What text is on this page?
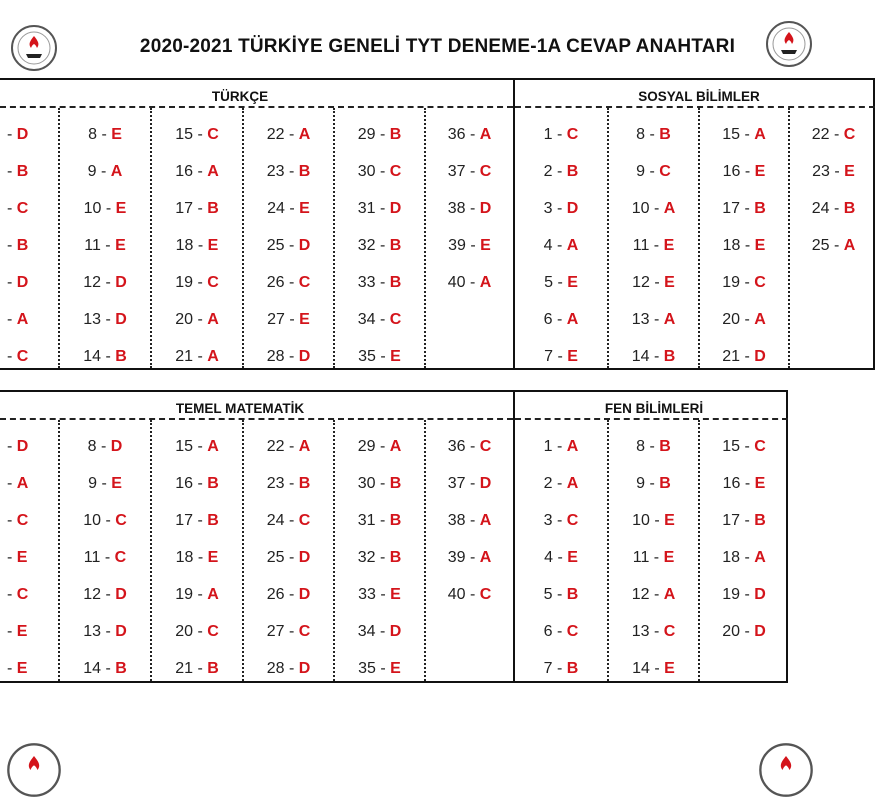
2020-2021 TÜRKİYE GENELİ TYT DENEME-1A CEVAP ANAHTARI
TÜRKÇE
- D
- B
- C
- B
- D
- A
- C
8 - E
9 - A
10 - E
11 - E
12 - D
13 - D
14 - B
15 - C
16 - A
17 - B
18 - E
19 - C
20 - A
21 - A
22 - A
23 - B
24 - E
25 - D
26 - C
27 - E
28 - D
29 - B
30 - C
31 - D
32 - B
33 - B
34 - C
35 - E
36 - A
37 - C
38 - D
39 - E
40 - A
SOSYAL BİLİMLER
1 - C
2 - B
3 - D
4 - A
5 - E
6 - A
7 - E
8 - B
9 - C
10 - A
11 - E
12 - E
13 - A
14 - B
15 - A
16 - E
17 - B
18 - E
19 - C
20 - A
21 - D
22 - C
23 - E
24 - B
25 - A
TEMEL MATEMATİK
- D
- A
- C
- E
- C
- E
- E
8 - D
9 - E
10 - C
11 - C
12 - D
13 - D
14 - B
15 - A
16 - B
17 - B
18 - E
19 - A
20 - C
21 - B
22 - A
23 - B
24 - C
25 - D
26 - D
27 - C
28 - D
29 - A
30 - B
31 - B
32 - B
33 - E
34 - D
35 - E
36 - C
37 - D
38 - A
39 - A
40 - C
FEN BİLİMLERİ
1 - A
2 - A
3 - C
4 - E
5 - B
6 - C
7 - B
8 - B
9 - B
10 - E
11 - E
12 - A
13 - C
14 - E
15 - C
16 - E
17 - B
18 - A
19 - D
20 - D
